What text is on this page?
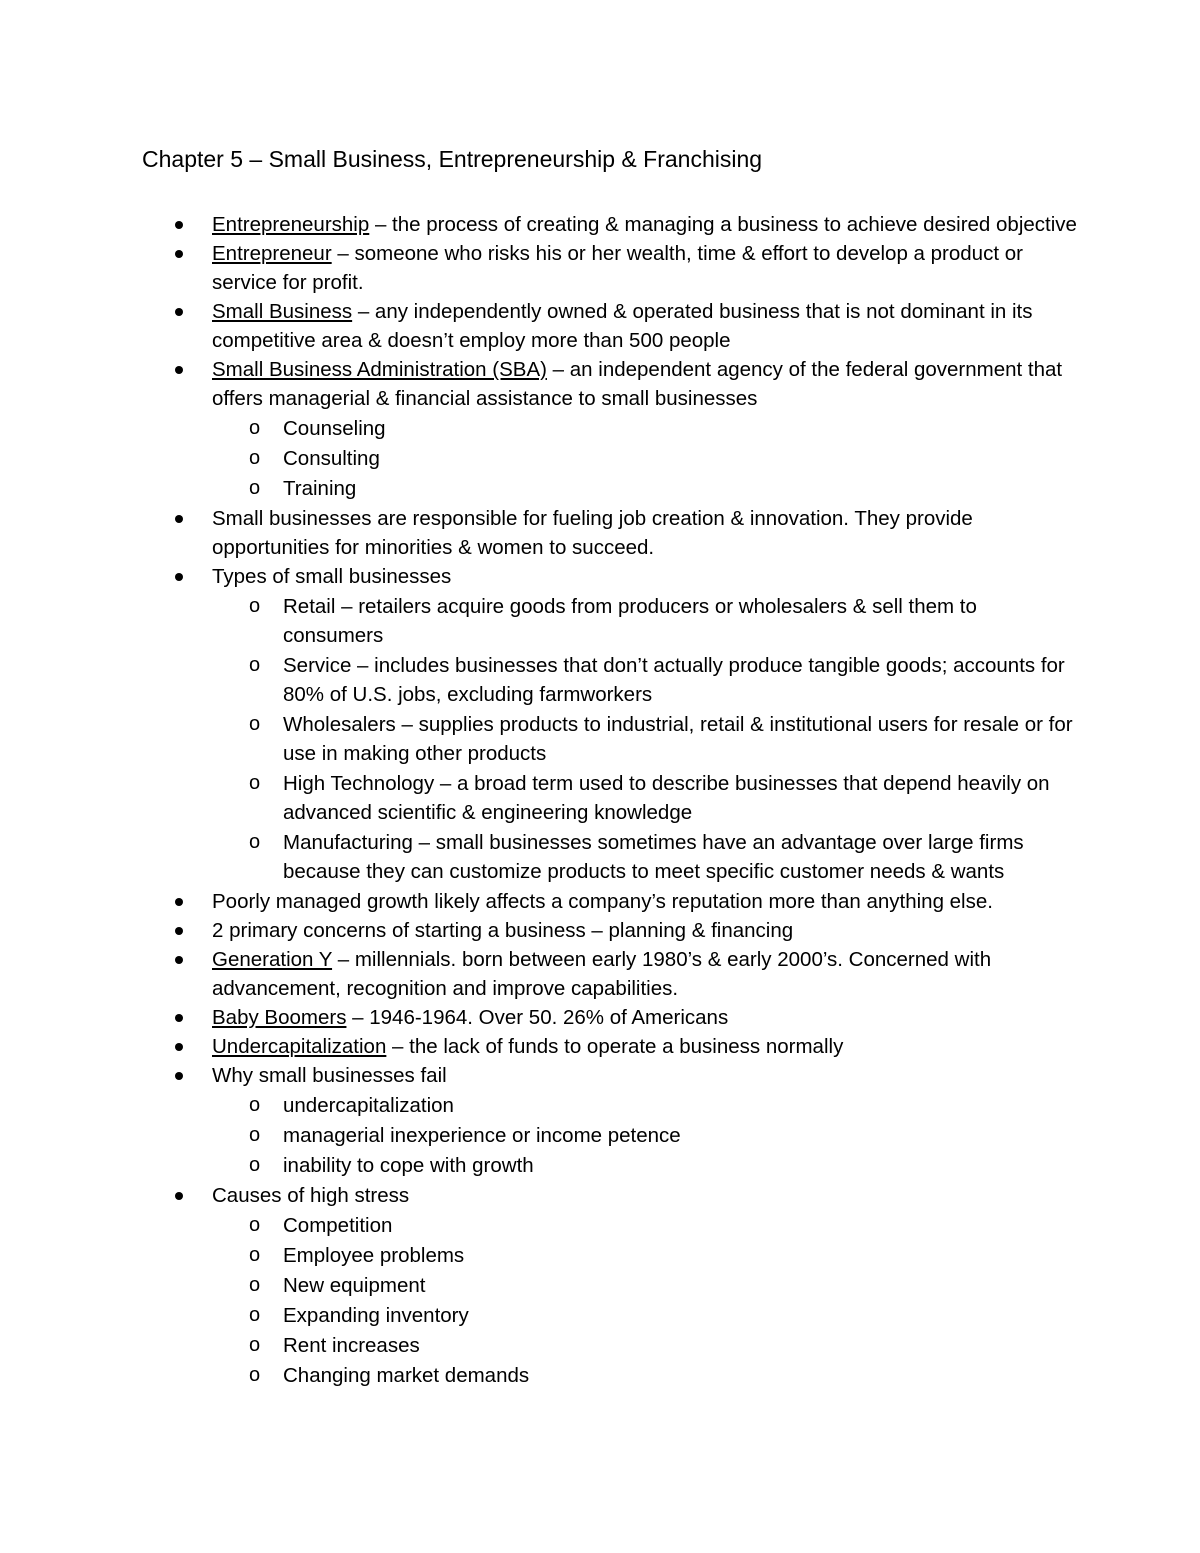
Chapter 5 – Small Business, Entrepreneurship & Franchising
Entrepreneurship – the process of creating & managing a business to achieve desired objective
Entrepreneur – someone who risks his or her wealth, time & effort to develop a product or service for profit.
Small Business – any independently owned & operated business that is not dominant in its competitive area & doesn’t employ more than 500 people
Small Business Administration (SBA) – an independent agency of the federal government that offers managerial & financial assistance to small businesses
o Counseling
o Consulting
o Training
Small businesses are responsible for fueling job creation & innovation. They provide opportunities for minorities & women to succeed.
Types of small businesses
o Retail – retailers acquire goods from producers or wholesalers & sell them to consumers
o Service – includes businesses that don’t actually produce tangible goods; accounts for 80% of U.S. jobs, excluding farmworkers
o Wholesalers – supplies products to industrial, retail & institutional users for resale or for use in making other products
o High Technology – a broad term used to describe businesses that depend heavily on advanced scientific & engineering knowledge
o Manufacturing – small businesses sometimes have an advantage over large firms because they can customize products to meet specific customer needs & wants
Poorly managed growth likely affects a company’s reputation more than anything else.
2 primary concerns of starting a business – planning & financing
Generation Y – millennials. born between early 1980’s & early 2000’s. Concerned with advancement, recognition and improve capabilities.
Baby Boomers – 1946-1964. Over 50. 26% of Americans
Undercapitalization – the lack of funds to operate a business normally
Why small businesses fail
o undercapitalization
o managerial inexperience or income petence
o inability to cope with growth
Causes of high stress
o Competition
o Employee problems
o New equipment
o Expanding inventory
o Rent increases
o Changing market demands
